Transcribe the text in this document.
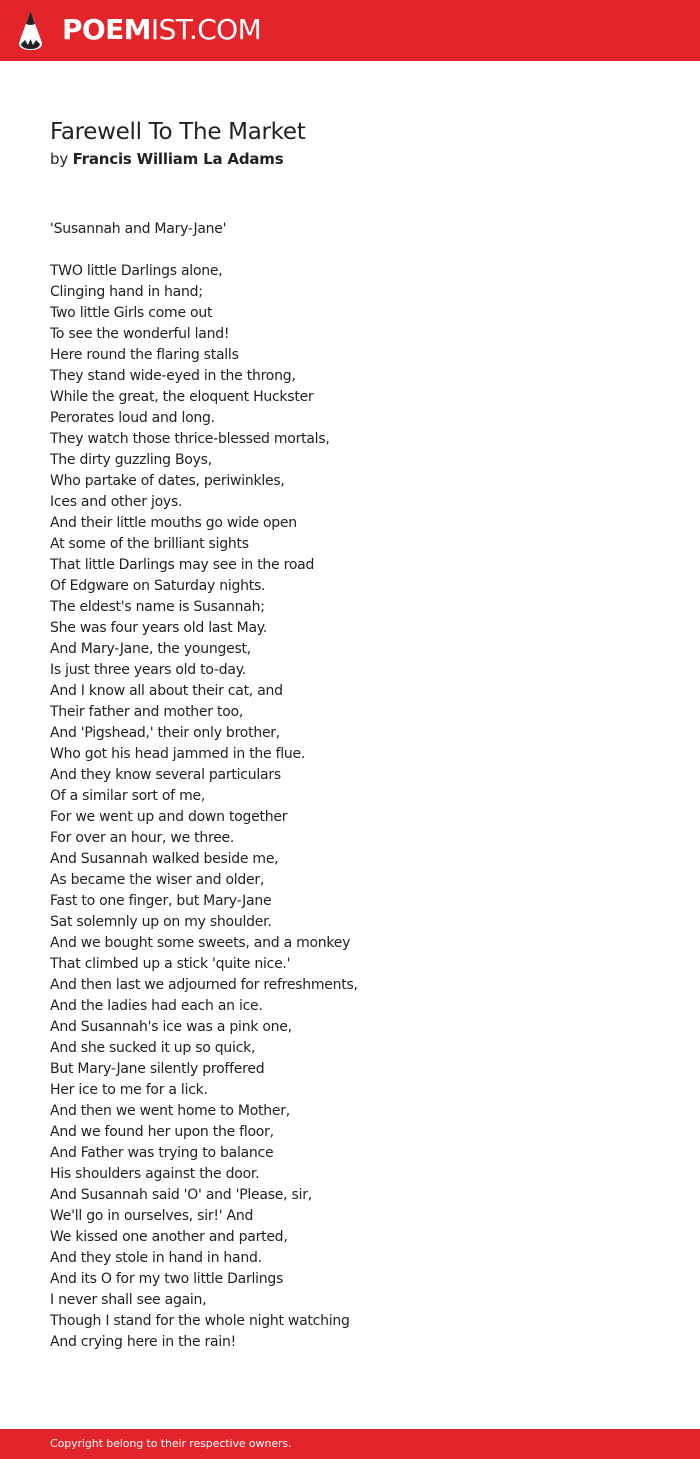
POEMIST.COM
Farewell To The Market
by Francis William La Adams
'Susannah and Mary-Jane'
TWO little Darlings alone,
Clinging hand in hand;
Two little Girls come out
To see the wonderful land!
Here round the flaring stalls
They stand wide-eyed in the throng,
While the great, the eloquent Huckster
Perorates loud and long.
They watch those thrice-blessed mortals,
The dirty guzzling Boys,
Who partake of dates, periwinkles,
Ices and other joys.
And their little mouths go wide open
At some of the brilliant sights
That little Darlings may see in the road
Of Edgware on Saturday nights.
The eldest's name is Susannah;
She was four years old last May.
And Mary-Jane, the youngest,
Is just three years old to-day.
And I know all about their cat, and
Their father and mother too,
And 'Pigshead,' their only brother,
Who got his head jammed in the flue.
And they know several particulars
Of a similar sort of me,
For we went up and down together
For over an hour, we three.
And Susannah walked beside me,
As became the wiser and older,
Fast to one finger, but Mary-Jane
Sat solemnly up on my shoulder.
And we bought some sweets, and a monkey
That climbed up a stick 'quite nice.'
And then last we adjourned for refreshments,
And the ladies had each an ice.
And Susannah's ice was a pink one,
And she sucked it up so quick,
But Mary-Jane silently proffered
Her ice to me for a lick.
And then we went home to Mother,
And we found her upon the floor,
And Father was trying to balance
His shoulders against the door.
And Susannah said 'O' and 'Please, sir,
We'll go in ourselves, sir!' And
We kissed one another and parted,
And they stole in hand in hand.
And its O for my two little Darlings
I never shall see again,
Though I stand for the whole night watching
And crying here in the rain!
Copyright belong to their respective owners.
